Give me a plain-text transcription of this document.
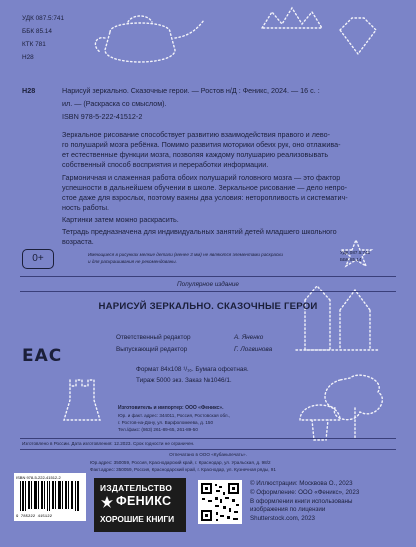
УДК 087.5:741
ББК 85.14
КТК 781
Н28
Н28	Нарисуй зеркально. Сказочные герои. — Ростов н/Д : Феникс, 2024. — 16 с. :
ил. — (Раскраска со смыслом).
ISBN 978-5-222-41512-2
Зеркальное рисование способствует развитию взаимодействия правого и лево-
го полушарий мозга ребёнка. Помимо развития моторики обеих рук, оно отлажива-
ет естественные функции мозга, позволяя каждому полушарию реализовывать
собственный способ восприятия и переработки информации.
Гармоничная и слаженная работа обоих полушарий головного мозга — это фактор
успешности в дальнейшем обучении в школе. Зеркальное рисование — дело непро-
стое даже для взрослых, поэтому важны два условия: неторопливость и систематич-
ность работы.
Картинки затем можно раскрасить.
Тетрадь предназначена для индивидуальных занятий детей младшего школьного
возраста.
УДК 087.5:741
ББК 85.14
Имеющиеся в рисунках мелкие детали (менее 3 мм) не являются элементами раскраски
и для раскрашивания не рекомендованы.
0+
Популярное издание
НАРИСУЙ ЗЕРКАЛЬНО. СКАЗОЧНЫЕ ГЕРОИ
Ответственный редактор	А. Яненко
Выпускающий редактор	Г. Логвинова
ЕАС
Формат 84х108 ¹/₁₆. Бумага офсетная.
Тираж 5000 экз. Заказ №1046/1.
Изготовитель и импортер: ООО «Феникс».
Юр. и факт. адрес: 344011, Россия, Ростовская обл.,
г. Ростов-на-Дону, ул. Варфоломеева, д. 150
Тел./факс: (863) 261-89-65, 261-89-50
Изготовлено в России. Дата изготовления: 12.2023. Срок годности не ограничен.
Отпечатано в ООО «Кубаньпечать».
Юр.адрес: 350059, Россия, Краснодарский край, г. Краснодар, ул. Уральская, д. 98/2
Факт.адрес: 350059, Россия, Краснодарский край, г. Краснодар, ул. Кузнечная ряды, 91
ISBN 978-5-222-41512-2
9 785222 415122
ИЗДАТЕЛЬСТВО
ФЕНИКС
ХОРОШИЕ КНИГИ
© Иллюстрации: Москвова О., 2023
© Оформление: ООО «Феникс», 2023
В оформлении книги использованы
изображения по лицензии
Shutterstock.com, 2023
